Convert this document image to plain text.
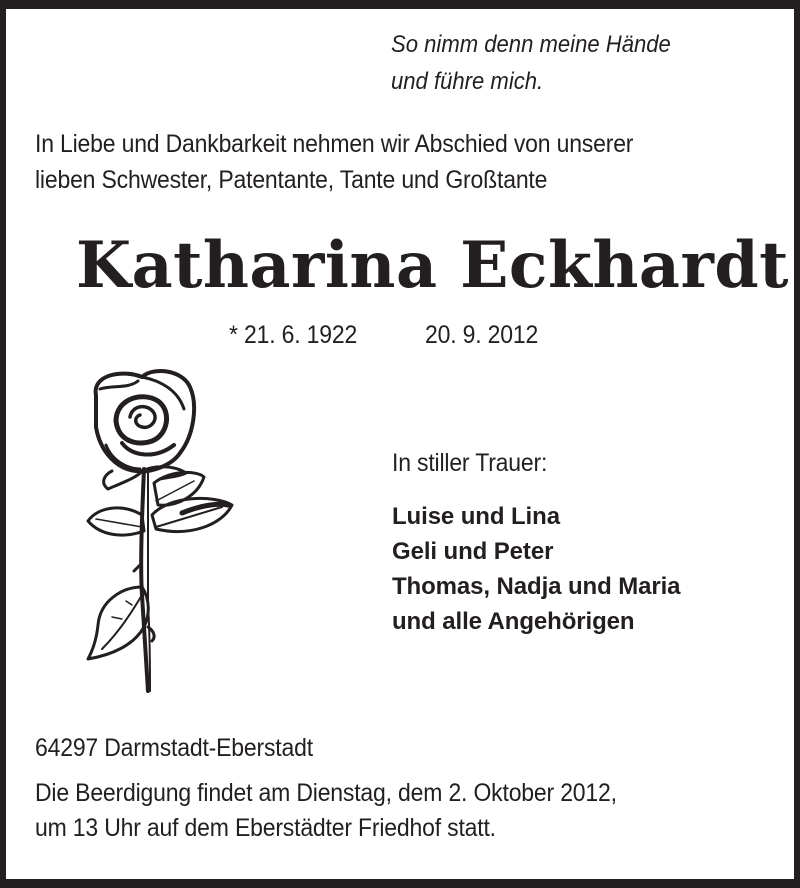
So nimm denn meine Hände
und führe mich.
In Liebe und Dankbarkeit nehmen wir Abschied von unserer
lieben Schwester, Patentante, Tante und Großtante
Katharina Eckhardt
* 21. 6. 1922	20. 9. 2012
In stiller Trauer:
Luise und Lina
Geli und Peter
Thomas, Nadja und Maria
und alle Angehörigen
64297 Darmstadt-Eberstadt
Die Beerdigung findet am Dienstag, dem 2. Oktober 2012,
um 13 Uhr auf dem Eberstädter Friedhof statt.
